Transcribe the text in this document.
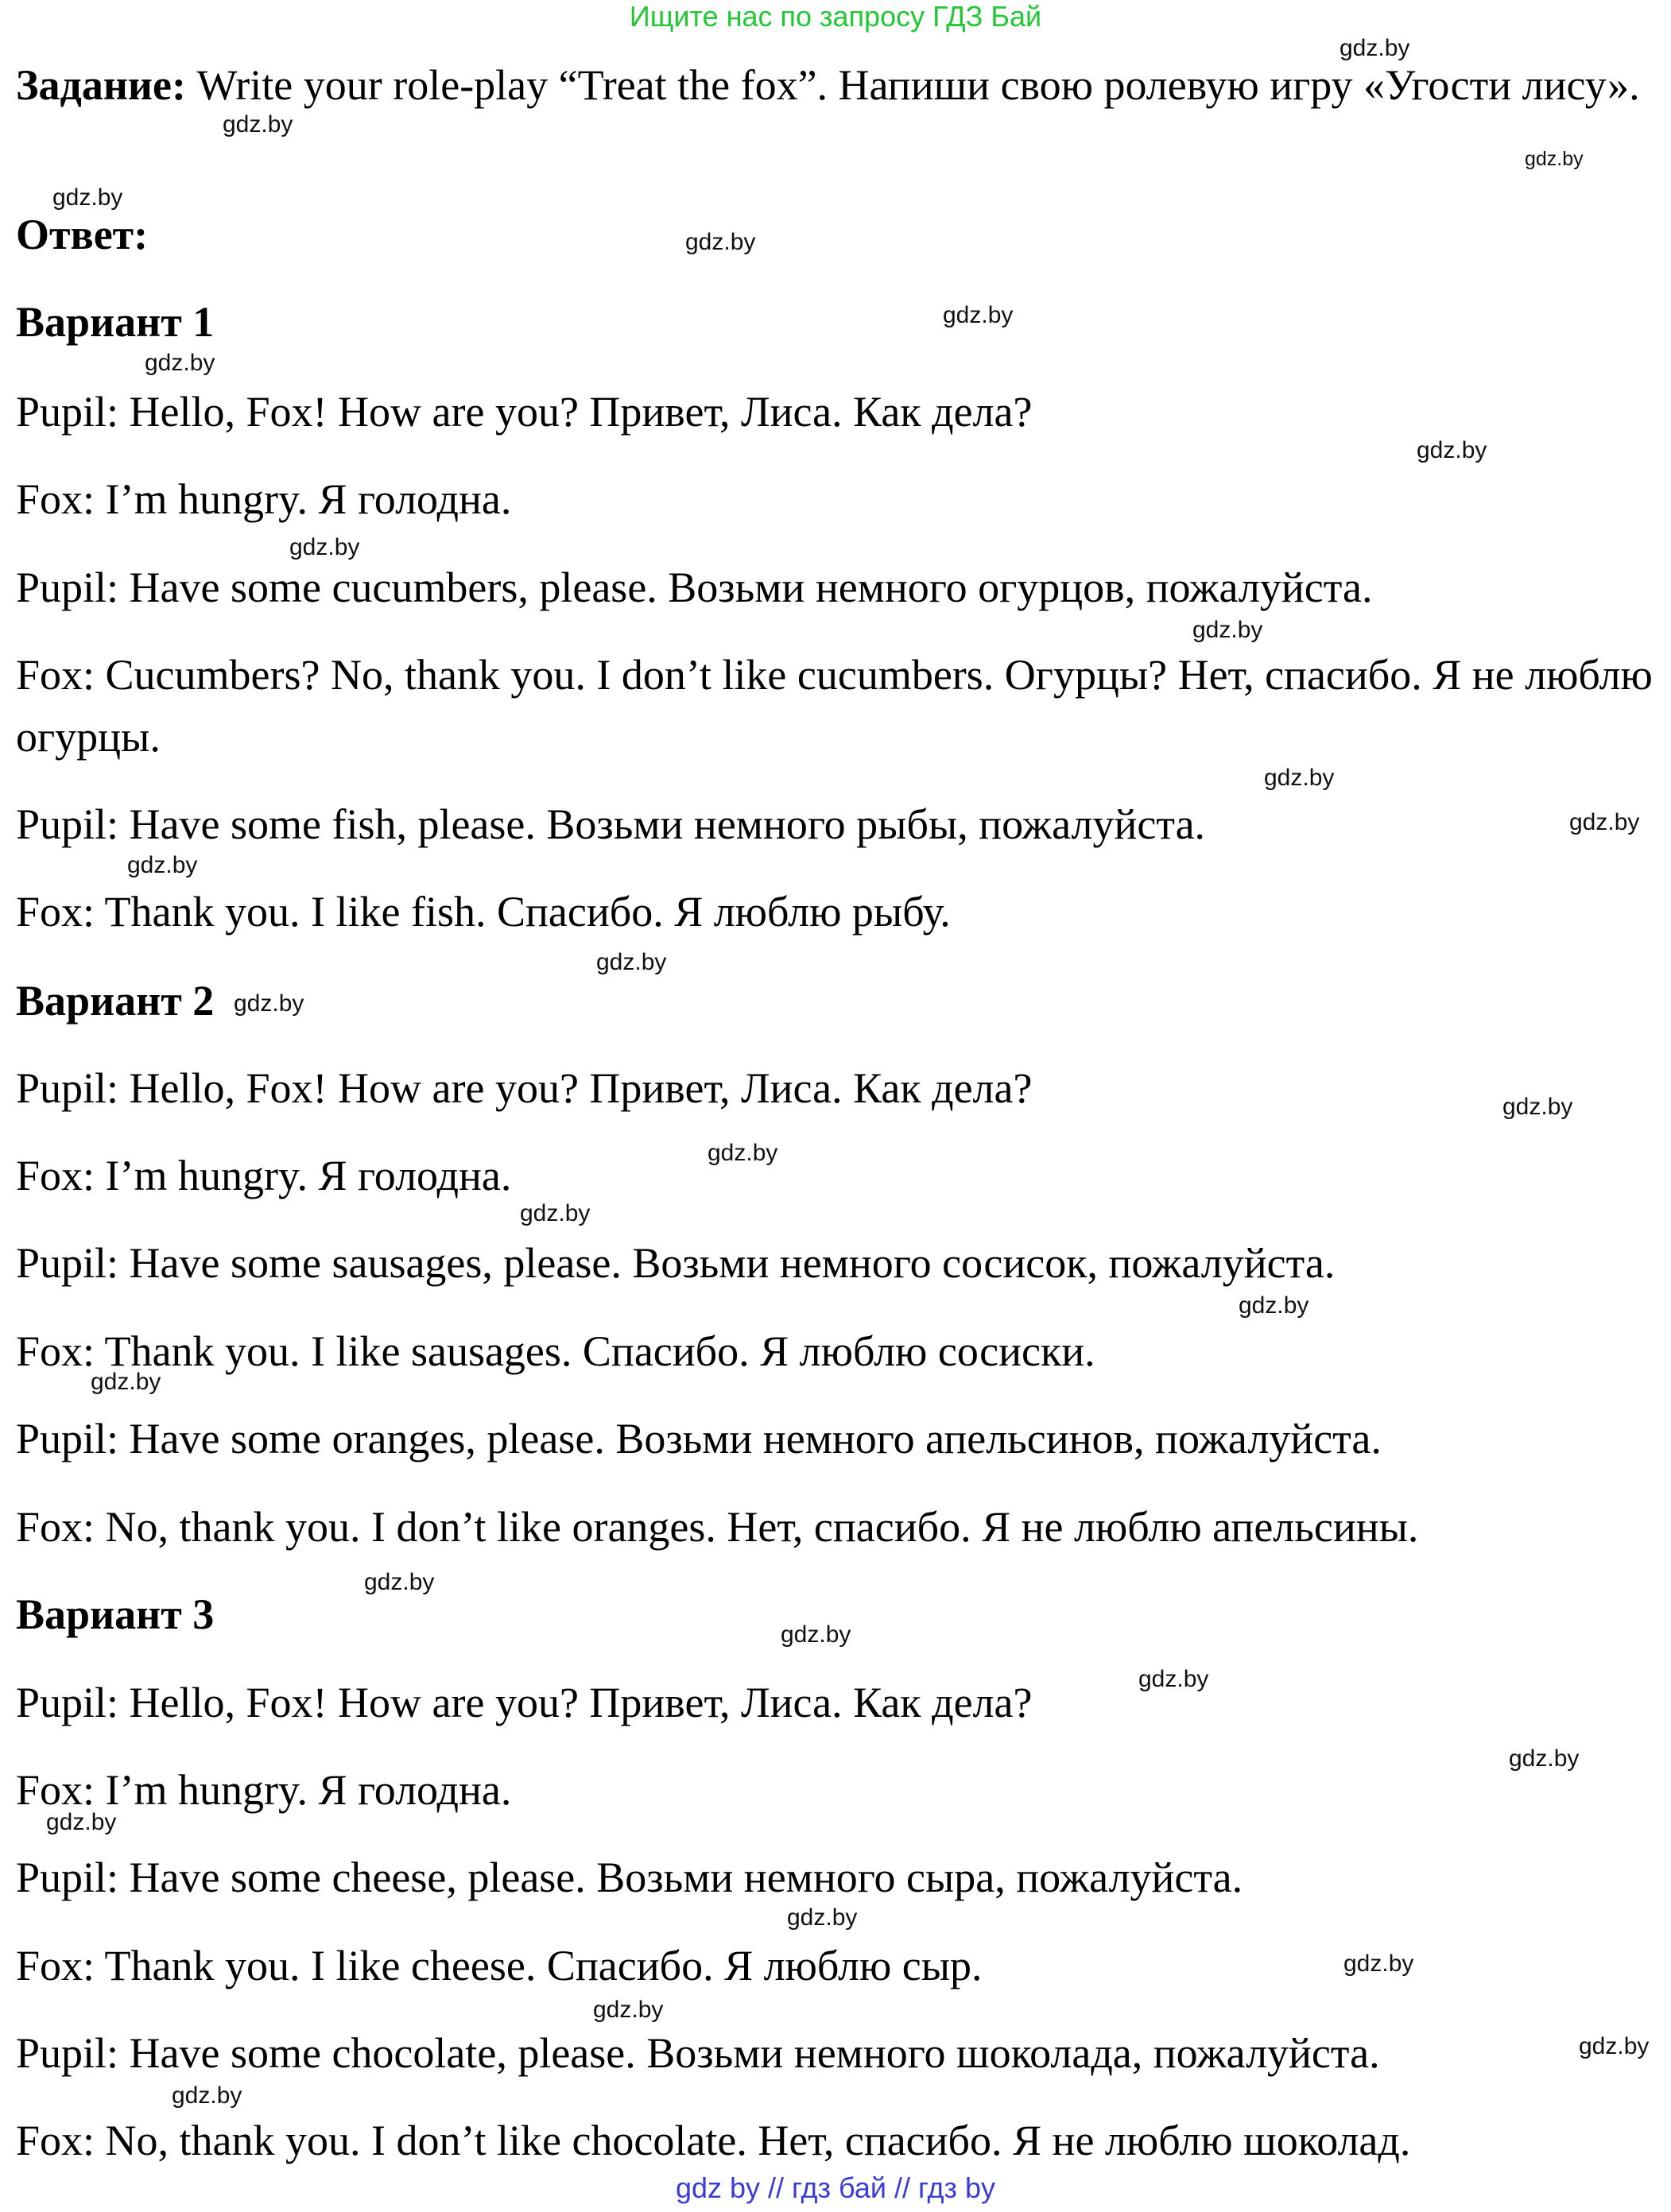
Ищите нас по запросу ГДЗ Бай
Задание: Write your role-play “Treat the fox”. Напиши свою ролевую игру «Угости лису».
Ответ:
Вариант 1
Pupil: Hello, Fox! How are you? Привет, Лиса. Как дела?
Fox: I’m hungry. Я голодна.
Pupil: Have some cucumbers, please. Возьми немного огурцов, пожалуйста.
Fox: Cucumbers? No, thank you. I don’t like cucumbers. Огурцы? Нет, спасибо. Я не люблю огурцы.
Pupil: Have some fish, please. Возьми немного рыбы, пожалуйста.
Fox: Thank you. I like fish. Спасибо. Я люблю рыбу.
Вариант 2
Pupil: Hello, Fox! How are you? Привет, Лиса. Как дела?
Fox: I’m hungry. Я голодна.
Pupil: Have some sausages, please. Возьми немного сосисок, пожалуйста.
Fox: Thank you. I like sausages. Спасибо. Я люблю сосиски.
Pupil: Have some oranges, please. Возьми немного апельсинов, пожалуйста.
Fox: No, thank you. I don’t like oranges. Нет, спасибо. Я не люблю апельсины.
Вариант 3
Pupil: Hello, Fox! How are you? Привет, Лиса. Как дела?
Fox: I’m hungry. Я голодна.
Pupil: Have some cheese, please. Возьми немного сыра, пожалуйста.
Fox: Thank you. I like cheese. Спасибо. Я люблю сыр.
Pupil: Have some chocolate, please. Возьми немного шоколада, пожалуйста.
Fox: No, thank you. I don’t like chocolate. Нет, спасибо. Я не люблю шоколад.
gdz.by
gdz.by
gdz.by
gdz.by
gdz.by
gdz.by
gdz.by
gdz.by
gdz.by
gdz.by
gdz.by
gdz.by
gdz.by
gdz.by
gdz.by
gdz.by
gdz.by
gdz.by
gdz.by
gdz.by
gdz.by
gdz.by
gdz.by
gdz.by
gdz.by
gdz.by
gdz.by
gdz.by
gdz.by
gdz.by
gdz by // гдз бай // гдз by
